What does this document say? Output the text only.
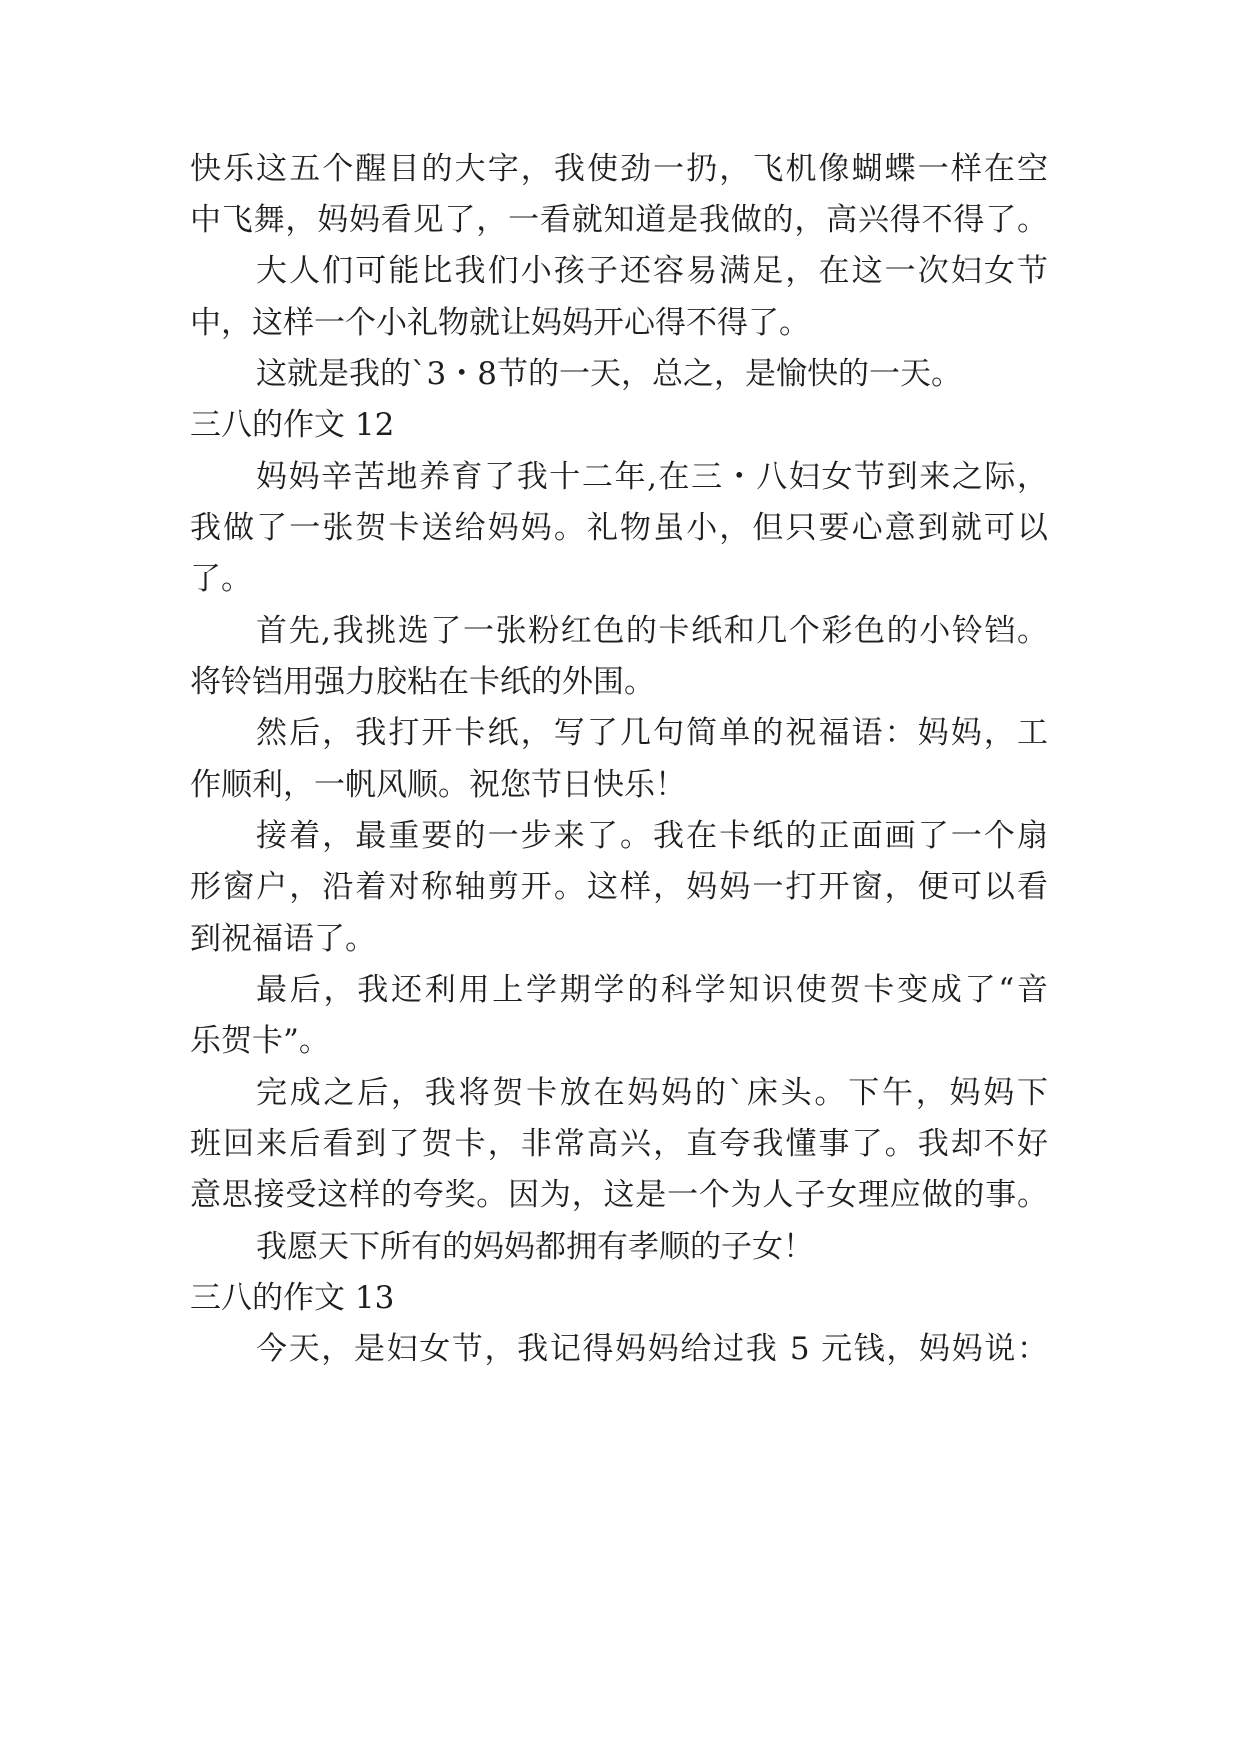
快乐这五个醒目的大字，我使劲一扔，飞机像蝴蝶一样在空
中飞舞，妈妈看见了，一看就知道是我做的，高兴得不得了。
大人们可能比我们小孩子还容易满足，在这一次妇女节
中，这样一个小礼物就让妈妈开心得不得了。
这就是我的`3・8节的一天，总之，是愉快的一天。
三八的作文 12
妈妈辛苦地养育了我十二年,在三・八妇女节到来之际，
我做了一张贺卡送给妈妈。礼物虽小，但只要心意到就可以
了。
首先,我挑选了一张粉红色的卡纸和几个彩色的小铃铛。
将铃铛用强力胶粘在卡纸的外围。
然后，我打开卡纸，写了几句简单的祝福语：妈妈，工
作顺利，一帆风顺。祝您节日快乐！
接着，最重要的一步来了。我在卡纸的正面画了一个扇
形窗户，沿着对称轴剪开。这样，妈妈一打开窗，便可以看
到祝福语了。
最后，我还利用上学期学的科学知识使贺卡变成了“音
乐贺卡”。
完成之后，我将贺卡放在妈妈的`床头。下午，妈妈下
班回来后看到了贺卡，非常高兴，直夸我懂事了。我却不好
意思接受这样的夸奖。因为，这是一个为人子女理应做的事。
我愿天下所有的妈妈都拥有孝顺的子女！
三八的作文 13
今天，是妇女节，我记得妈妈给过我 5 元钱，妈妈说：
